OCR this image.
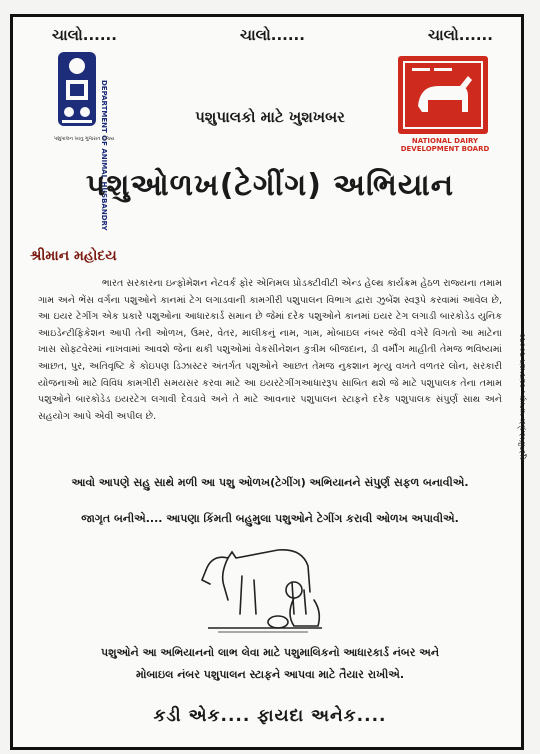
ચાલો......	ચાલો......	ચાલો......
DEPARTMENT OF ANIMAL HUSBANDRY
પશુપાલન ખાતુ ગુજરાત રાજ્ય	NATIONAL DAIRY
DEVELOPMENT BOARD
પશુપાલકો માટે ખુશખબર
પશુઓળખ(ટેગીંગ) અભિયાન
શ્રીમાન મહોદય

ભારત સરકારના ઇન્ફોમેશન નેટવર્ક ફોર એનિમલ પ્રોડક્ટીવીટી એન્ડ હેલ્થ કાર્યક્રમ હેઠળ રાજ્યના તમામ ગામ અને ભેંસ વર્ગના પશુઓને કાનમાં ટેગ લગાડવાની કામગીરી પશુપાલન વિભાગ દ્વારા ઝુબેંશ સ્વરૂપે કરવામાં આવેલ છે, આ ઇયર ટેગીંગ એક પ્રકારે પશુઓના આધારકાર્ડ સમાન છે જેમાં દરેક પશુઓને કાનમાં ઇયર ટેગ લગાડી બારકોડેડ યુનિક આઇડેન્ટીફિકેશન આપી તેની ઓળખ, ઉમર, વેતર, માલીકનું નામ, ગામ, મોબાઇલ નંબર જેવી વગેરે વિગતો આ માટેના ખાસ સોફ્ટવેરમાં નાખવામાં આવશે જેના થકી પશુઓમાં વેકસીનેશન કુત્રીમ બીજદાન, ડી વર્મીંગ માહીતી તેમજ ભવિષ્યમાં આછત, પુર, અતિવૃષ્ટિ કે કોઇપણ ડિઝાસ્ટર અંતર્ગત પશુઓને આછત તેમજ નુકશાન મૃત્યુ વખતે વળતર લોન, સરકારી યોજનાઓ માટે વિવિધ કામગીરી સમયસર કરવા માટે આ ઇયરટેગીંગઆધારરૂપ સાબિત થશે જે માટે પશુપાલક તેના તમામ પશુઓને બારકોડેડ ઇયરટેગ લગાવી દેવડાવે અને તે માટે આવનાર પશુપાલન સ્ટાફને દરેક પશુપાલક સંપુર્ણ સાથ અને સહયોગ આપે એવી અપીલ છે.

આવો આપણે સહુ સાથે મળી આ પશુ ઓળખ(ટેગીંગ) અભિયાનને સંપુર્ણ સફળ બનાવીએ.
જાગૃત બનીએ.... આપણા કિંમતી બહુમુલા પશુઓને ટેગીંગ કરાવી ઓળખ અપાવીએ.
મુરલીધર.પ્રેસ-પાલણ : ૯૪૨૫૪૧ ૨૦૦૨૯
પશુઓને આ અભિયાનનો લાભ લેવા માટે પશુમાલિકનો આધારકાર્ડ નંબર અને
મોબાઇલ નંબર પશુપાલન સ્ટાફને આપવા માટે તૈયાર રાખીએ.
કડી એક.... ફાયદા અનેક....
